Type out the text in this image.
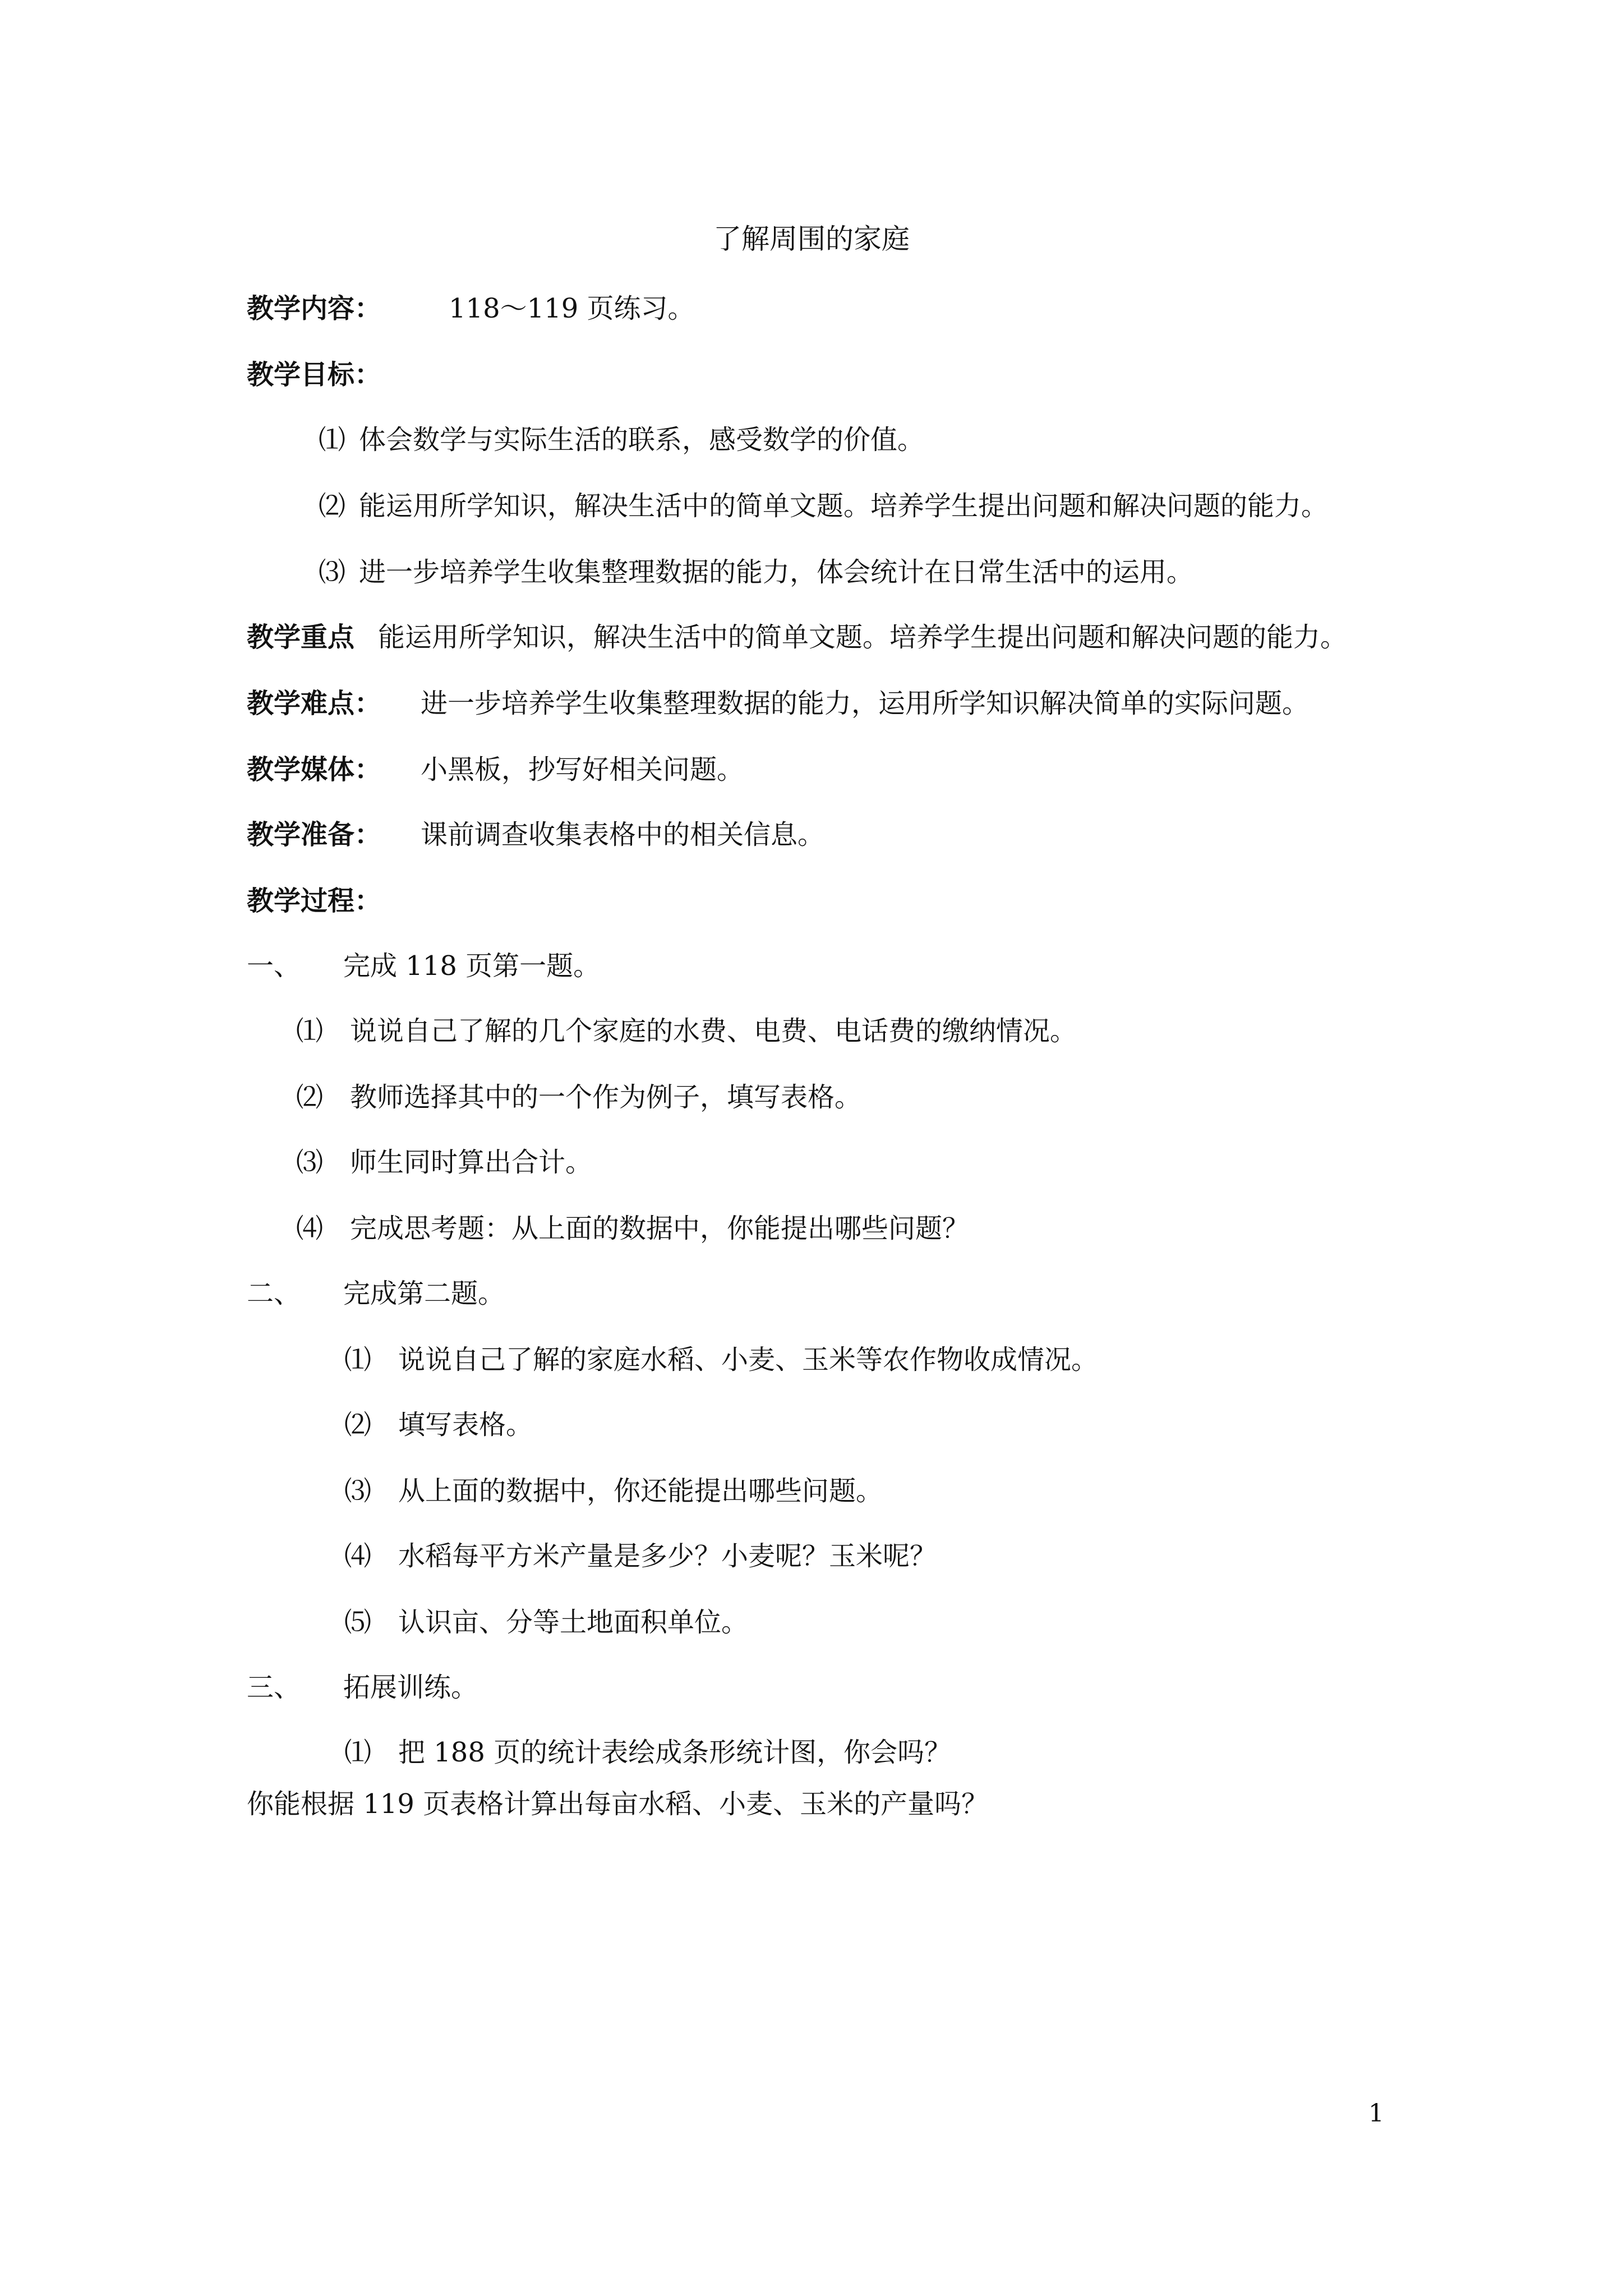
了解周围的家庭
教学内容： 118～119 页练习。
教学目标：
⑴ 体会数学与实际生活的联系，感受数学的价值。
⑵ 能运用所学知识，解决生活中的简单文题。培养学生提出问题和解决问题的能力。
⑶ 进一步培养学生收集整理数据的能力，体会统计在日常生活中的运用。
教学重点 能运用所学知识，解决生活中的简单文题。培养学生提出问题和解决问题的能力。
教学难点： 进一步培养学生收集整理数据的能力，运用所学知识解决简单的实际问题。
教学媒体： 小黑板，抄写好相关问题。
教学准备： 课前调查收集表格中的相关信息。
教学过程：
一、 完成 118 页第一题。
⑴ 说说自己了解的几个家庭的水费、电费、电话费的缴纳情况。
⑵ 教师选择其中的一个作为例子，填写表格。
⑶ 师生同时算出合计。
⑷ 完成思考题：从上面的数据中，你能提出哪些问题？
二、 完成第二题。
⑴ 说说自己了解的家庭水稻、小麦、玉米等农作物收成情况。
⑵ 填写表格。
⑶ 从上面的数据中，你还能提出哪些问题。
⑷ 水稻每平方米产量是多少？小麦呢？玉米呢？
⑸ 认识亩、分等土地面积单位。
三、 拓展训练。
⑴ 把 188 页的统计表绘成条形统计图，你会吗？
你能根据 119 页表格计算出每亩水稻、小麦、玉米的产量吗？
1
